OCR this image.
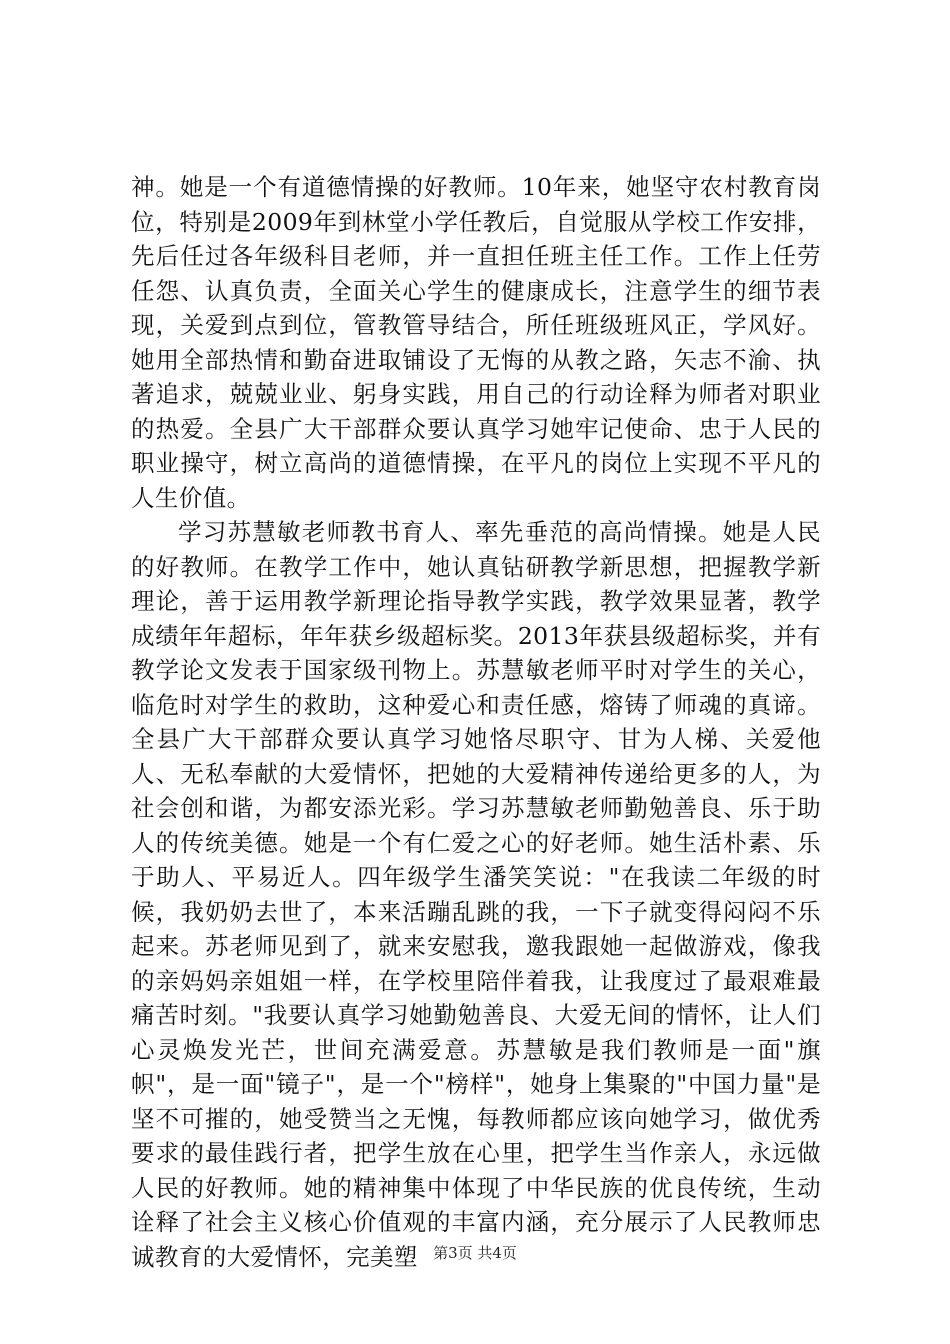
神。她是一个有道德情操的好教师。10年来，她坚守农村教育岗位，特别是2009年到林堂小学任教后，自觉服从学校工作安排，先后任过各年级科目老师，并一直担任班主任工作。工作上任劳任怨、认真负责，全面关心学生的健康成长，注意学生的细节表现，关爱到点到位，管教管导结合，所任班级班风正，学风好。她用全部热情和勤奋进取铺设了无悔的从教之路，矢志不渝、执著追求，兢兢业业、躬身实践，用自己的行动诠释为师者对职业的热爱。全县广大干部群众要认真学习她牢记使命、忠于人民的职业操守，树立高尚的道德情操，在平凡的岗位上实现不平凡的人生价值。

学习苏慧敏老师教书育人、率先垂范的高尚情操。她是人民的好教师。在教学工作中，她认真钻研教学新思想，把握教学新理论，善于运用教学新理论指导教学实践，教学效果显著，教学成绩年年超标，年年获乡级超标奖。2013年获县级超标奖，并有教学论文发表于国家级刊物上。苏慧敏老师平时对学生的关心，临危时对学生的救助，这种爱心和责任感，熔铸了师魂的真谛。全县广大干部群众要认真学习她恪尽职守、甘为人梯、关爱他人、无私奉献的大爱情怀，把她的大爱精神传递给更多的人，为社会创和谐，为都安添光彩。学习苏慧敏老师勤勉善良、乐于助人的传统美德。她是一个有仁爱之心的好老师。她生活朴素、乐于助人、平易近人。四年级学生潘笑笑说："在我读二年级的时候，我奶奶去世了，本来活蹦乱跳的我，一下子就变得闷闷不乐起来。苏老师见到了，就来安慰我，邀我跟她一起做游戏，像我的亲妈妈亲姐姐一样，在学校里陪伴着我，让我度过了最艰难最痛苦时刻。"我要认真学习她勤勉善良、大爱无间的情怀，让人们心灵焕发光芒，世间充满爱意。苏慧敏是我们教师是一面"旗帜"，是一面"镜子"，是一个"榜样"，她身上集聚的"中国力量"是坚不可摧的，她受赞当之无愧，每教师都应该向她学习，做优秀要求的最佳践行者，把学生放在心里，把学生当作亲人，永远做人民的好教师。她的精神集中体现了中华民族的优良传统，生动诠释了社会主义核心价值观的丰富内涵，充分展示了人民教师忠诚教育的大爱情怀，完美塑	第3页 共4页
